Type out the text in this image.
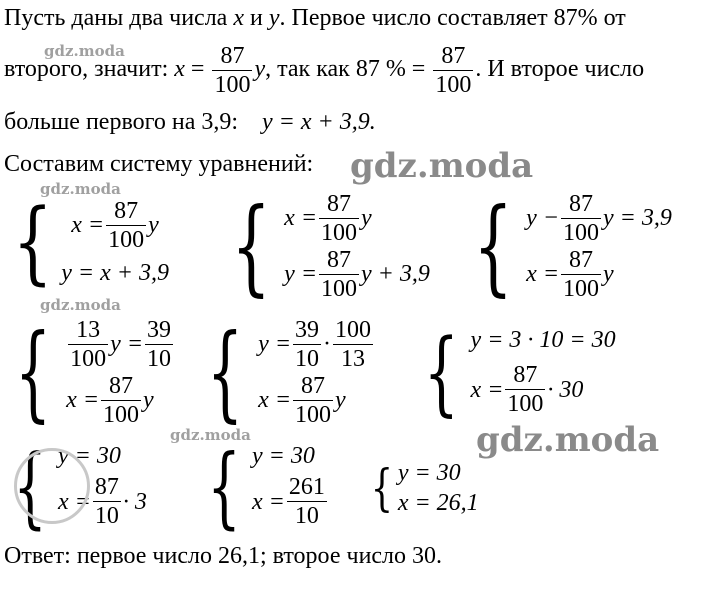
Пусть даны два числа x и y. Первое число составляет 87% от
второго, значит: $x = \frac{87}{100} y$, так как 87 % = $\frac{87}{100}$ . И второе число
больше первого на 3,9: y = x + 3,9.
Составим систему уравнений:
{ $x = \frac{87}{100}$ y
y = x + 3,9 { $x = \frac{87}{100}$ y
$y = \frac{87}{100}$ y + 3,9 { $y - \frac{87}{100}$ y = 3,9
$x = \frac{87}{100}$ y
{ $\frac{13}{100}$ $y = \frac{39}{10}$
$x = \frac{87}{100}$ y { $y = \frac{39}{10} \cdot \frac{100}{13}$
$x = \frac{87}{100}$ y { y = 3 · 10 = 30
$x = \frac{87}{100} \cdot 30$
{ y = 30
$x = \frac{87}{10} \cdot 3$ { y = 30
$x = \frac{261}{10}$ { y = 30
x = 26,1
Ответ: первое число 26,1; второе число 30.
gdz.moda
gdz.moda
gdz.moda
gdz.moda
gdz.moda
gdz.moda
